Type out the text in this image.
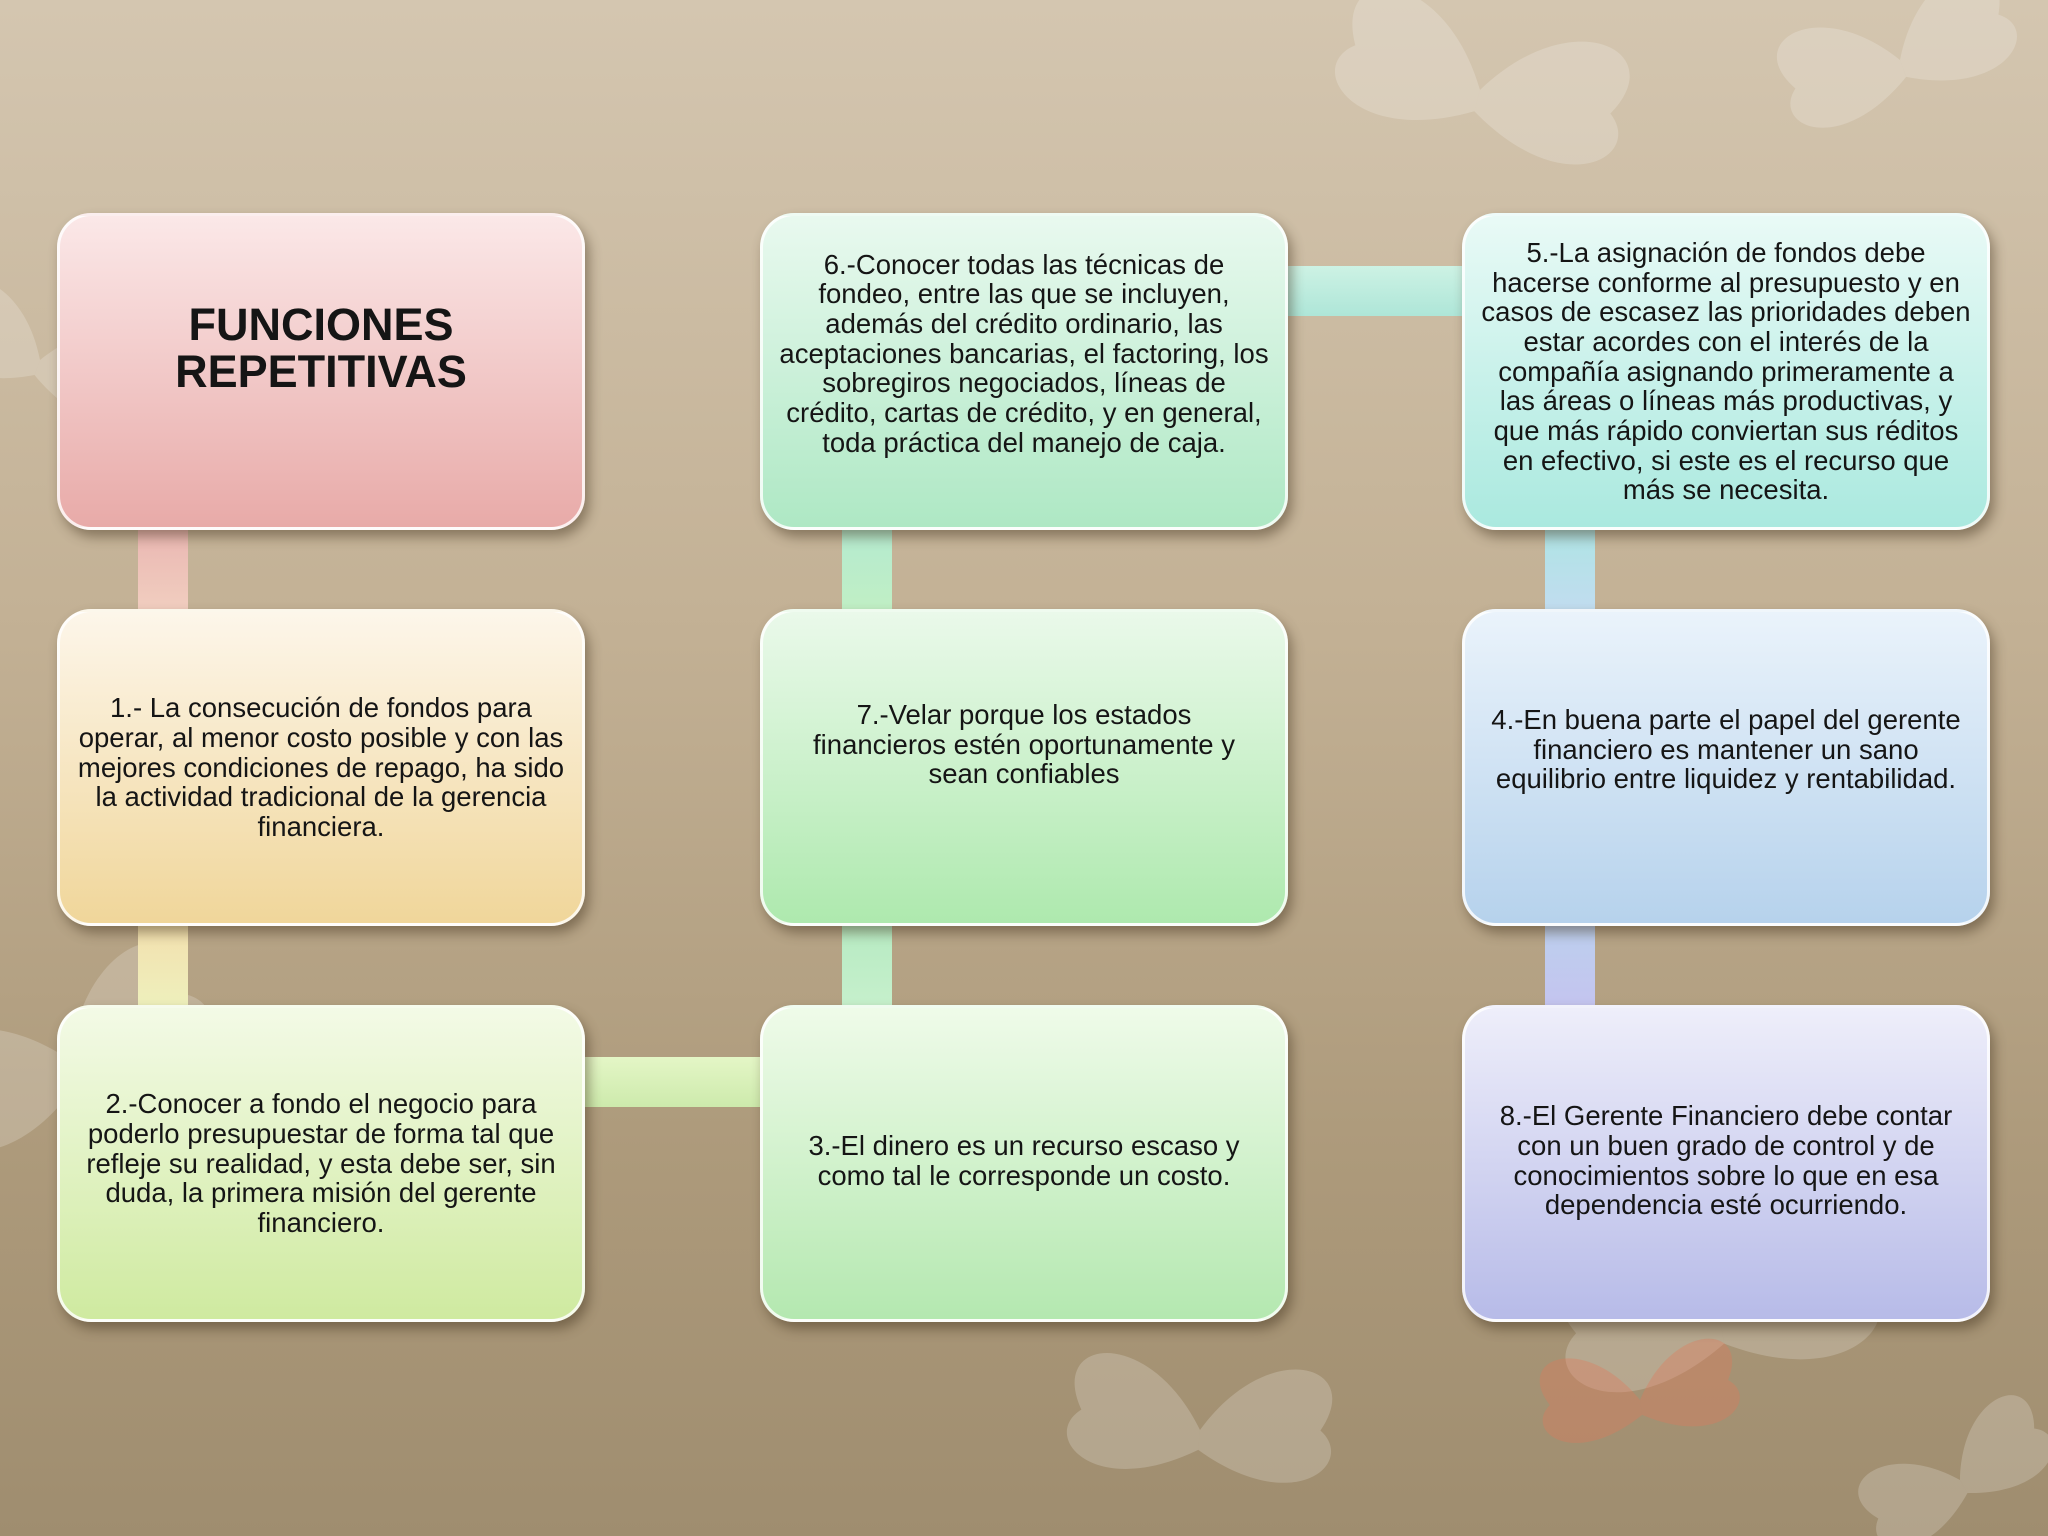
FUNCIONES REPETITIVAS
1.- La consecución de fondos para operar, al menor costo posible y con las mejores condiciones de repago, ha sido la actividad tradicional de la gerencia financiera.
2.-Conocer a fondo el negocio para poderlo presupuestar de forma tal que refleje su realidad, y esta debe ser, sin duda, la primera misión del gerente financiero.
6.-Conocer todas las técnicas de fondeo, entre las que se incluyen, además del crédito ordinario, las aceptaciones bancarias, el factoring, los sobregiros negociados, líneas de crédito, cartas de crédito, y en general, toda práctica del manejo de caja.
7.-Velar porque los estados financieros estén oportunamente y sean confiables
3.-El dinero es un recurso escaso y como tal le corresponde un costo.
5.-La asignación de fondos debe hacerse conforme al presupuesto y en casos de escasez las prioridades deben estar acordes con el interés de la compañía asignando primeramente a las áreas o líneas más productivas, y que más rápido conviertan sus réditos en efectivo, si este es el recurso que más se necesita.
4.-En buena parte el papel del gerente financiero es mantener un sano equilibrio entre liquidez y rentabilidad.
8.-El Gerente Financiero debe contar con un buen grado de control y de conocimientos sobre lo que en esa dependencia esté ocurriendo.
